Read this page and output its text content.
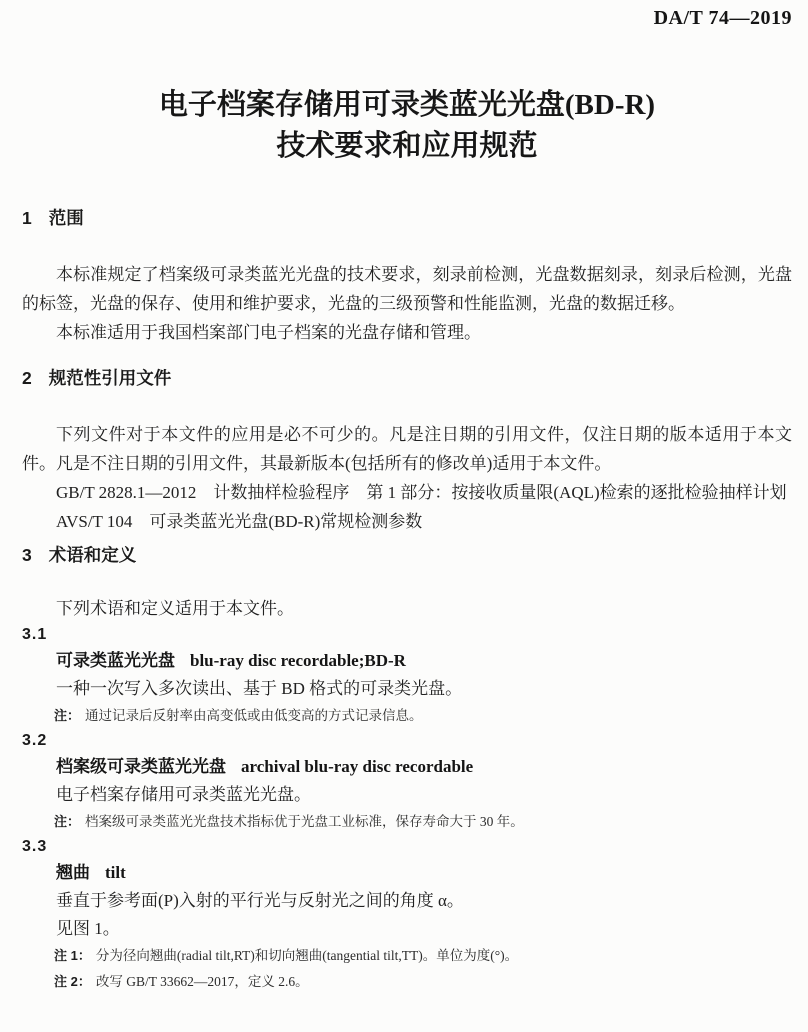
DA/T 74—2019
电子档案存储用可录类蓝光光盘(BD-R)
技术要求和应用规范
1 范围

本标准规定了档案级可录类蓝光光盘的技术要求，刻录前检测，光盘数据刻录，刻录后检测，光盘的标签，光盘的保存、使用和维护要求，光盘的三级预警和性能监测，光盘的数据迁移。

本标准适用于我国档案部门电子档案的光盘存储和管理。

2 规范性引用文件

下列文件对于本文件的应用是必不可少的。凡是注日期的引用文件，仅注日期的版本适用于本文件。凡是不注日期的引用文件，其最新版本(包括所有的修改单)适用于本文件。

GB/T 2828.1—2012　计数抽样检验程序　第 1 部分：按接收质量限(AQL)检索的逐批检验抽样计划

AVS/T 104　可录类蓝光光盘(BD-R)常规检测参数

3 术语和定义

下列术语和定义适用于本文件。

3.1

可录类蓝光光盘 blu-ray disc recordable;BD-R

一种一次写入多次读出、基于 BD 格式的可录类光盘。

注： 通过记录后反射率由高变低或由低变高的方式记录信息。

3.2

档案级可录类蓝光光盘 archival blu-ray disc recordable

电子档案存储用可录类蓝光光盘。

注： 档案级可录类蓝光光盘技术指标优于光盘工业标准，保存寿命大于 30 年。

3.3

翘曲 tilt

垂直于参考面(P)入射的平行光与反射光之间的角度 α。

见图 1。

注 1： 分为径向翘曲(radial tilt,RT)和切向翘曲(tangential tilt,TT)。单位为度(°)。

注 2： 改写 GB/T 33662—2017，定义 2.6。
